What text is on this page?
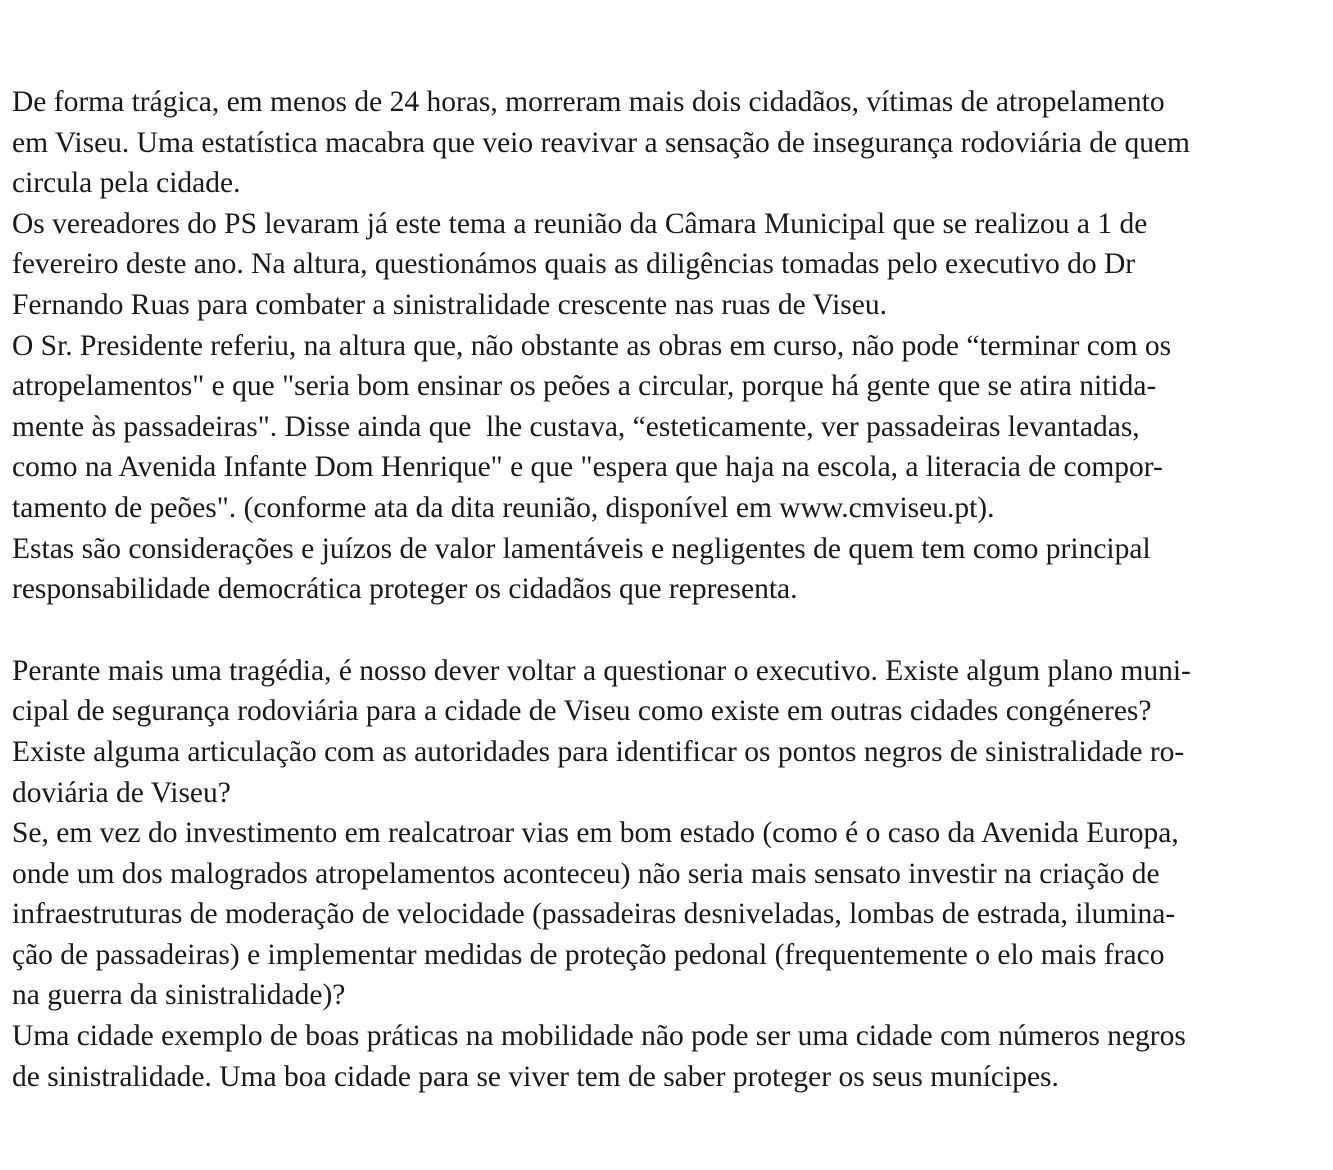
De forma trágica, em menos de 24 horas, morreram mais dois cidadãos, vítimas de atropelamento
em Viseu. Uma estatística macabra que veio reavivar a sensação de insegurança rodoviária de quem
circula pela cidade.
Os vereadores do PS levaram já este tema a reunião da Câmara Municipal que se realizou a 1 de
fevereiro deste ano. Na altura, questionámos quais as diligências tomadas pelo executivo do Dr
Fernando Ruas para combater a sinistralidade crescente nas ruas de Viseu.
O Sr. Presidente referiu, na altura que, não obstante as obras em curso, não pode “terminar com os
atropelamentos" e que "seria bom ensinar os peões a circular, porque há gente que se atira nitida-
mente às passadeiras". Disse ainda que  lhe custava, “esteticamente, ver passadeiras levantadas,
como na Avenida Infante Dom Henrique" e que "espera que haja na escola, a literacia de compor-
tamento de peões". (conforme ata da dita reunião, disponível em www.cmviseu.pt).
Estas são considerações e juízos de valor lamentáveis e negligentes de quem tem como principal
responsabilidade democrática proteger os cidadãos que representa.
Perante mais uma tragédia, é nosso dever voltar a questionar o executivo. Existe algum plano muni-
cipal de segurança rodoviária para a cidade de Viseu como existe em outras cidades congéneres?
Existe alguma articulação com as autoridades para identificar os pontos negros de sinistralidade ro-
doviária de Viseu?
Se, em vez do investimento em realcatroar vias em bom estado (como é o caso da Avenida Europa,
onde um dos malogrados atropelamentos aconteceu) não seria mais sensato investir na criação de
infraestruturas de moderação de velocidade (passadeiras desniveladas, lombas de estrada, ilumina-
ção de passadeiras) e implementar medidas de proteção pedonal (frequentemente o elo mais fraco
na guerra da sinistralidade)?
Uma cidade exemplo de boas práticas na mobilidade não pode ser uma cidade com números negros
de sinistralidade. Uma boa cidade para se viver tem de saber proteger os seus munícipes.
